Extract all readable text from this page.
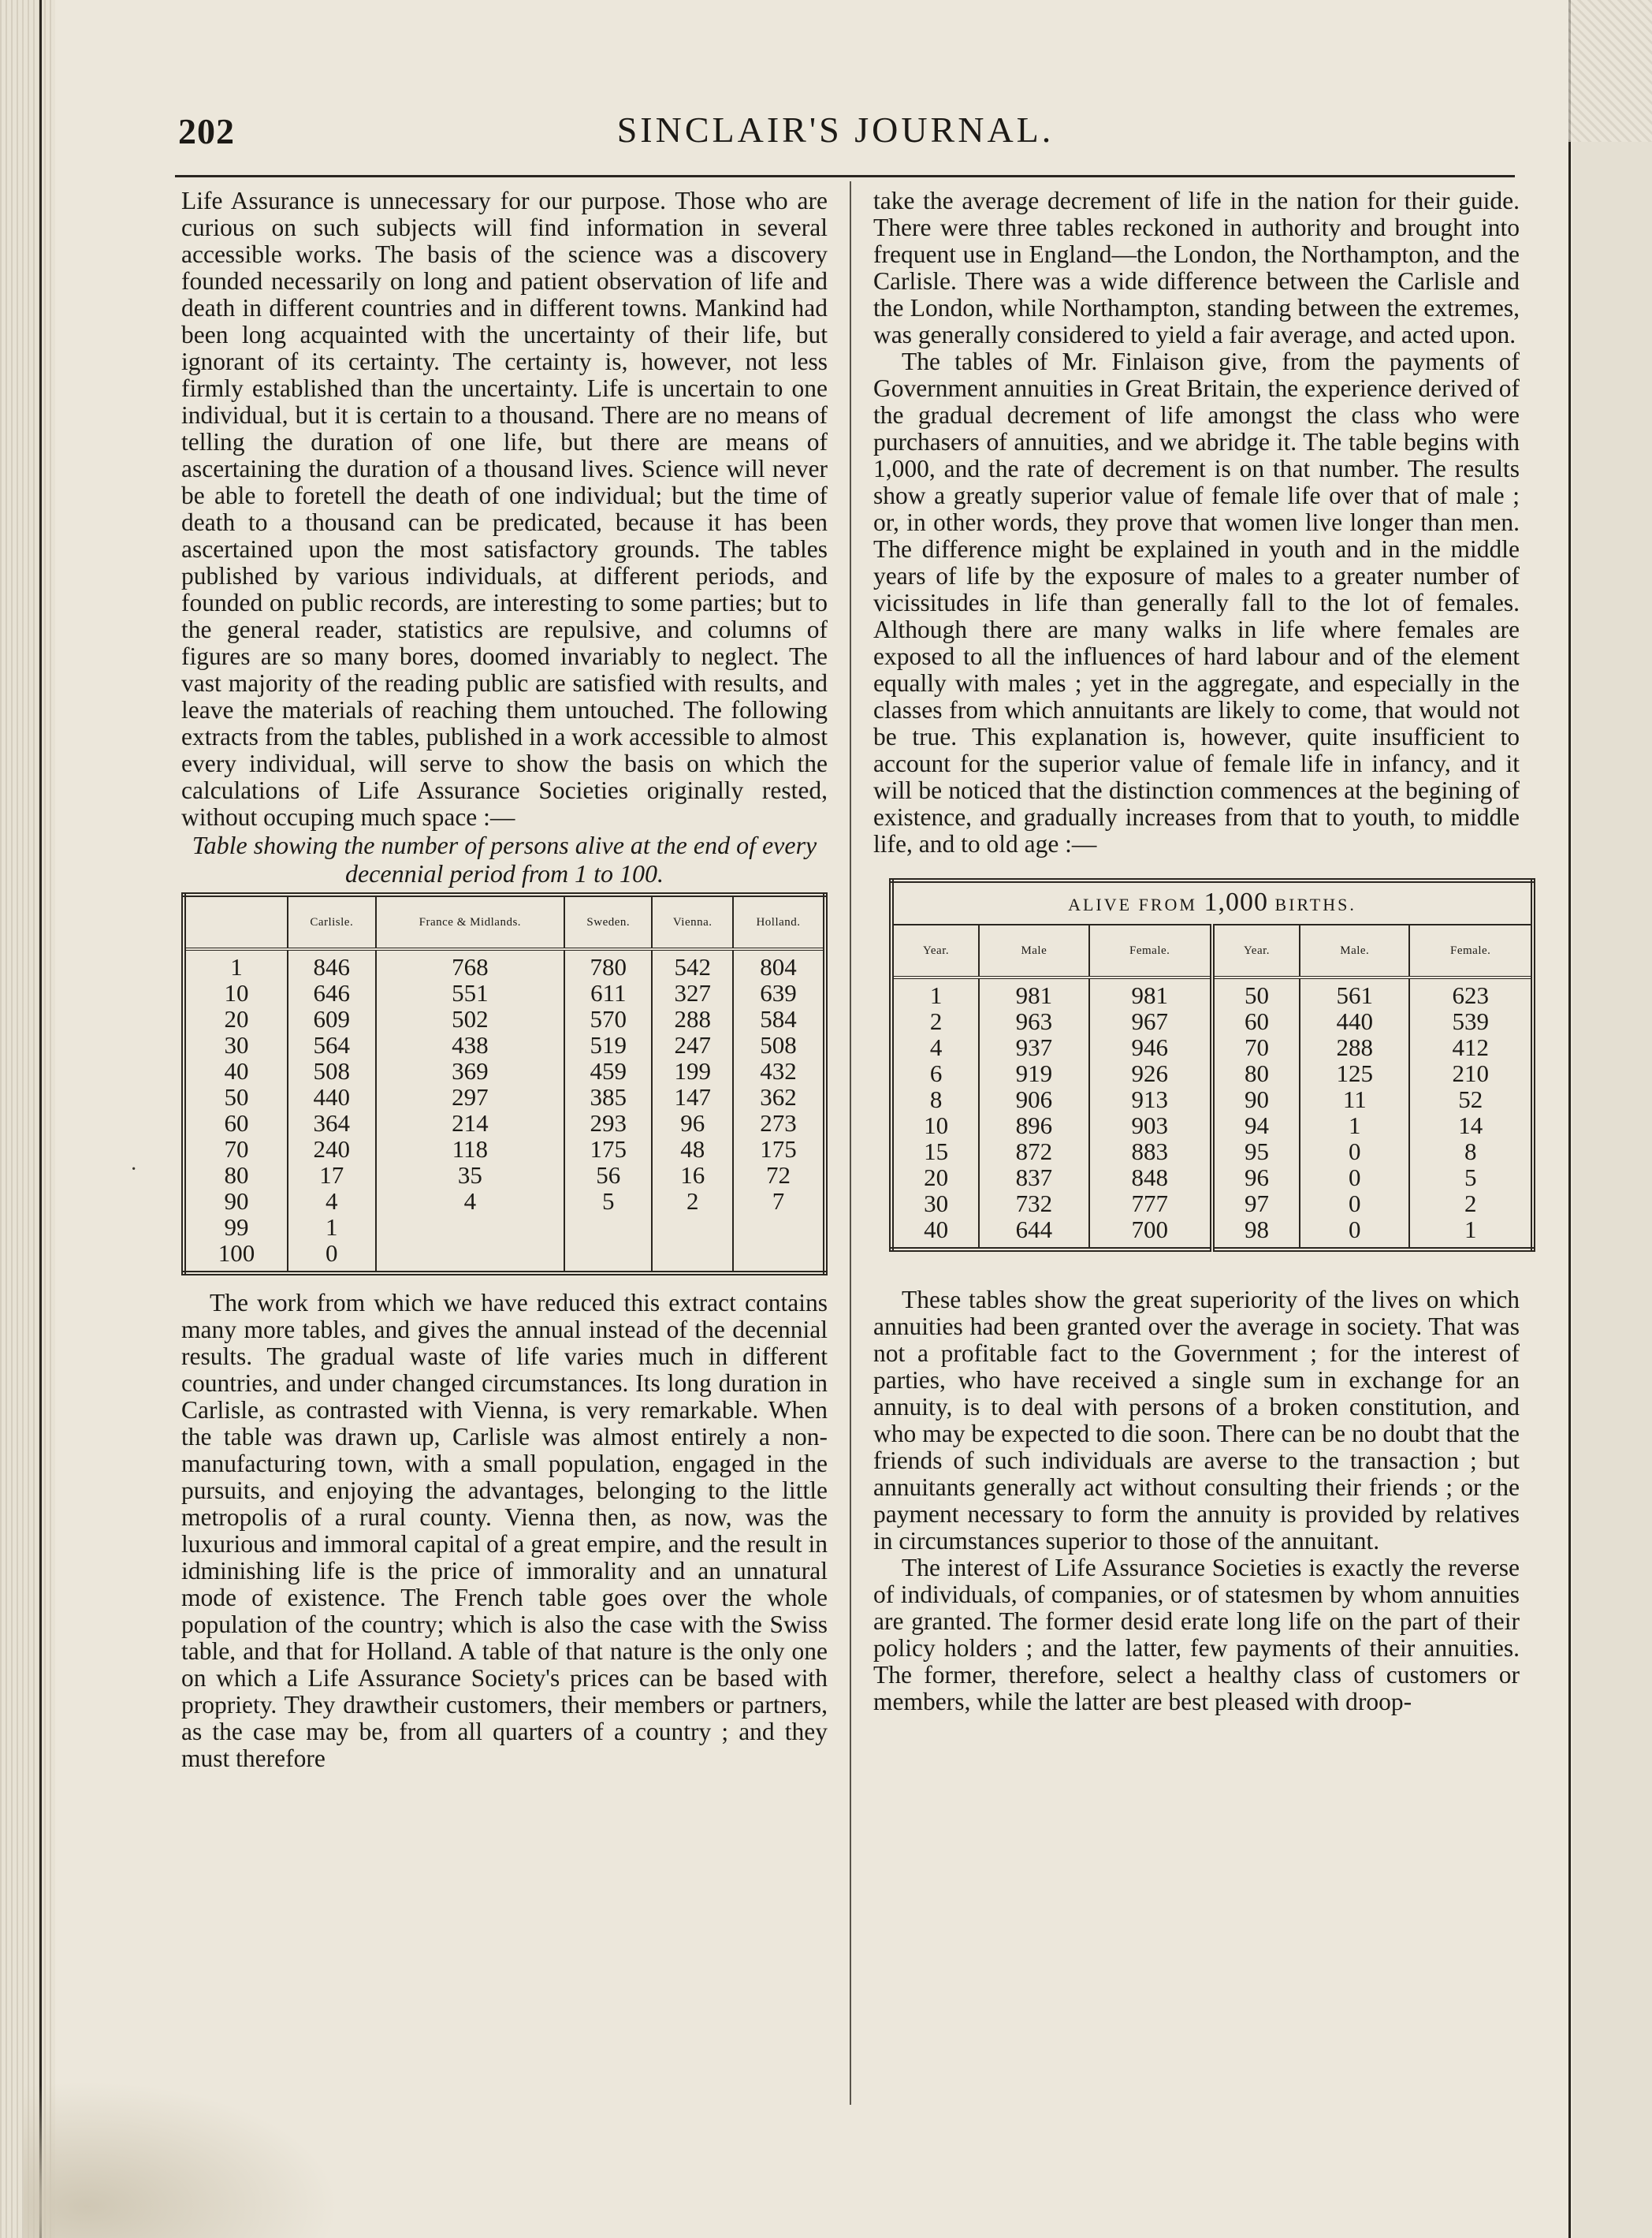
202	SINCLAIR'S JOURNAL.

Life Assurance is unnecessary for our purpose. Those who are curious on such subjects will find information in several accessible works. The basis of the science was a discovery founded necessarily on long and patient observation of life and death in different countries and in different towns. Mankind had been long acquainted with the uncertainty of their life, but ignorant of its certainty. The certainty is, however, not less firmly established than the uncertainty. Life is uncertain to one individual, but it is certain to a thousand. There are no means of telling the duration of one life, but there are means of ascertaining the duration of a thousand lives. Science will never be able to foretell the death of one individual; but the time of death to a thousand can be predicated, because it has been ascertained upon the most satisfactory grounds. The tables published by various individuals, at different periods, and founded on public records, are interesting to some parties; but to the general reader, statistics are repulsive, and columns of figures are so many bores, doomed invariably to neglect. The vast majority of the reading public are satisfied with results, and leave the materials of reaching them untouched. The following extracts from the tables, published in a work accessible to almost every individual, will serve to show the basis on which the calculations of Life Assurance Societies originally rested, without occuping much space :—

Table showing the number of persons alive at the end of every decennial period from 1 to 100.

	Carlisle.	France & Midlands.	Sweden.	Vienna.	Holland.
1	846	768	780	542	804
10	646	551	611	327	639
20	609	502	570	288	584
30	564	438	519	247	508
40	508	369	459	199	432
50	440	297	385	147	362
60	364	214	293	96	273
70	240	118	175	48	175
80	17	35	56	16	72
90	4	4	5	2	7
99	1				
100	0				

The work from which we have reduced this extract contains many more tables, and gives the annual instead of the decennial results. The gradual waste of life varies much in different countries, and under changed circumstances. Its long duration in Carlisle, as contrasted with Vienna, is very remarkable. When the table was drawn up, Carlisle was almost entirely a non-manufacturing town, with a small population, engaged in the pursuits, and enjoying the advantages, belonging to the little metropolis of a rural county. Vienna then, as now, was the luxurious and immoral capital of a great empire, and the result in idminishing life is the price of immorality and an unnatural mode of existence. The French table goes over the whole population of the country; which is also the case with the Swiss table, and that for Holland. A table of that nature is the only one on which a Life Assurance Society's prices can be based with propriety. They drawtheir customers, their members or partners, as the case may be, from all quarters of a country ; and they must therefore

take the average decrement of life in the nation for their guide. There were three tables reckoned in authority and brought into frequent use in England—the London, the Northampton, and the Carlisle. There was a wide difference between the Carlisle and the London, while Northampton, standing between the extremes, was generally considered to yield a fair average, and acted upon.

The tables of Mr. Finlaison give, from the payments of Government annuities in Great Britain, the experience derived of the gradual decrement of life amongst the class who were purchasers of annuities, and we abridge it. The table begins with 1,000, and the rate of decrement is on that number. The results show a greatly superior value of female life over that of male ; or, in other words, they prove that women live longer than men. The difference might be explained in youth and in the middle years of life by the exposure of males to a greater number of vicissitudes in life than generally fall to the lot of females. Although there are many walks in life where females are exposed to all the influences of hard labour and of the element equally with males ; yet in the aggregate, and especially in the classes from which annuitants are likely to come, that would not be true. This explanation is, however, quite insufficient to account for the superior value of female life in infancy, and it will be noticed that the distinction commences at the begining of existence, and gradually increases from that to youth, to middle life, and to old age :—

ALIVE FROM 1,000 BIRTHS.					
Year.	Male	Female.	Year.	Male.	Female.
1	981	981	50	561	623
2	963	967	60	440	539
4	937	946	70	288	412
6	919	926	80	125	210
8	906	913	90	11	52
10	896	903	94	1	14
15	872	883	95	0	8
20	837	848	96	0	5
30	732	777	97	0	2
40	644	700	98	0	1

These tables show the great superiority of the lives on which annuities had been granted over the average in society. That was not a profitable fact to the Government ; for the interest of parties, who have received a single sum in exchange for an annuity, is to deal with persons of a broken constitution, and who may be expected to die soon. There can be no doubt that the friends of such individuals are averse to the transaction ; but annuitants generally act without consulting their friends ; or the payment necessary to form the annuity is provided by relatives in circumstances superior to those of the annuitant.

The interest of Life Assurance Societies is exactly the reverse of individuals, of companies, or of statesmen by whom annuities are granted. The former desid erate long life on the part of their policy holders ; and the latter, few payments of their annuities. The former, therefore, select a healthy class of customers or members, while the latter are best pleased with droop-

·
